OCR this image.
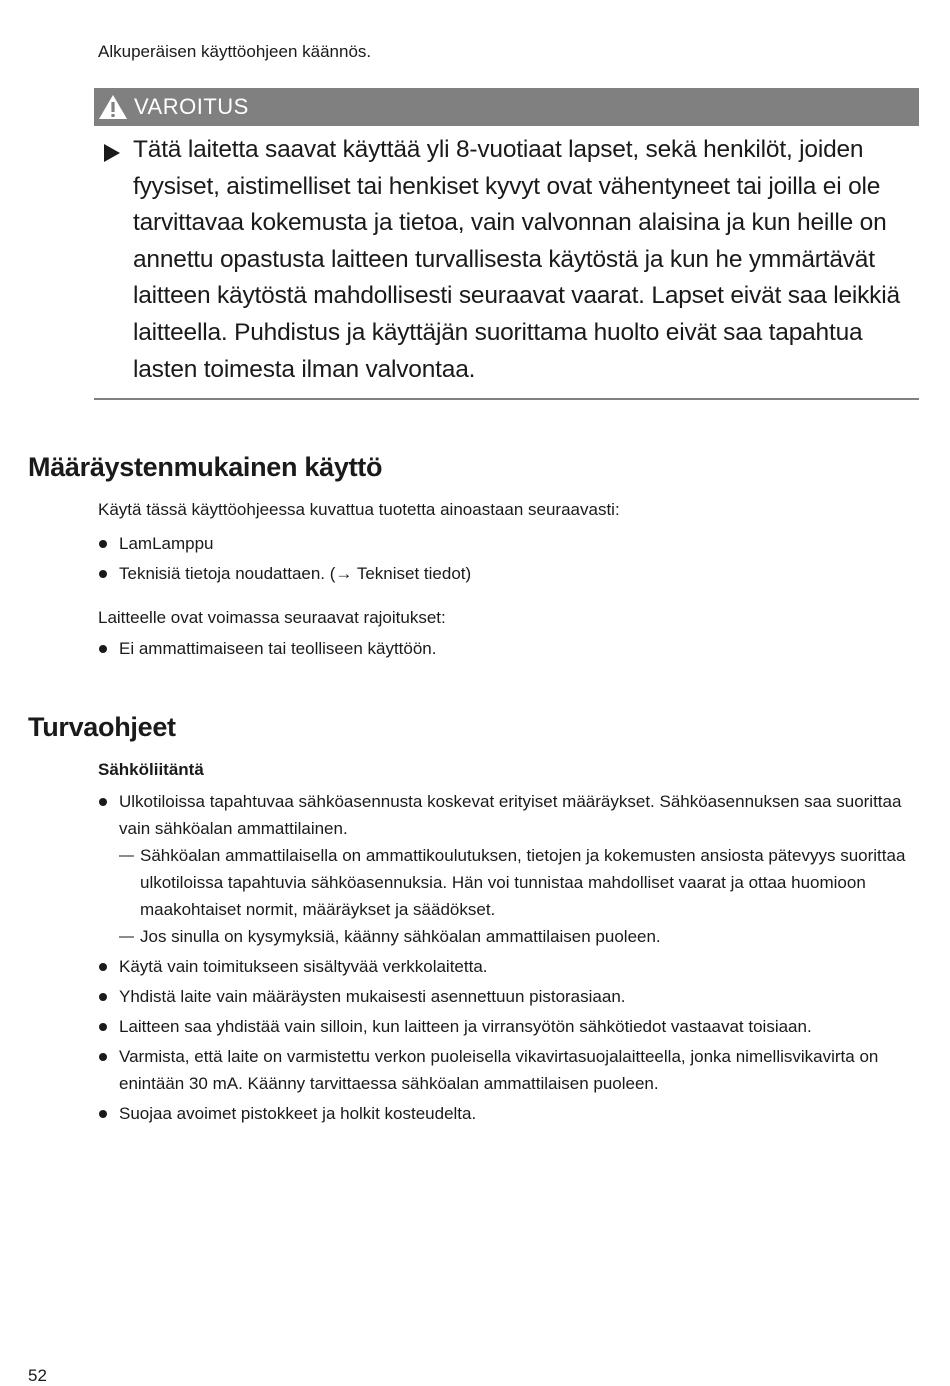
Alkuperäisen käyttöohjeen käännös.
VAROITUS
Tätä laitetta saavat käyttää yli 8-vuotiaat lapset, sekä henkilöt, joiden fyysiset, aistimelliset tai henkiset kyvyt ovat vähentyneet tai joilla ei ole tarvittavaa kokemusta ja tietoa, vain valvonnan alaisina ja kun heille on annettu opastusta laitteen turvallisesta käytöstä ja kun he ymmärtävät laitteen käytöstä mahdollisesti seuraavat vaarat. Lapset eivät saa leikkiä laitteella. Puhdistus ja käyttäjän suorittama huolto eivät saa tapahtua lasten toimesta ilman valvontaa.
Määräystenmukainen käyttö

Käytä tässä käyttöohjeessa kuvattua tuotetta ainoastaan seuraavasti:

LamLamppu
Teknisiä tietoja noudattaen. (→ Tekniset tiedot)

Laitteelle ovat voimassa seuraavat rajoitukset:

Ei ammattimaiseen tai teolliseen käyttöön.
Turvaohjeet
Sähköliitäntä
Ulkotiloissa tapahtuvaa sähköasennusta koskevat erityiset määräykset. Sähköasennuksen saa suorittaa vain sähköalan ammattilainen.
— Sähköalan ammattilaisella on ammattikoulutuksen, tietojen ja kokemusten ansiosta pätevyys suorittaa ulkotiloissa tapahtuvia sähköasennuksia. Hän voi tunnistaa mahdolliset vaarat ja ottaa huomioon maakohtaiset normit, määräykset ja säädökset.
— Jos sinulla on kysymyksiä, käänny sähköalan ammattilaisen puoleen.
Käytä vain toimitukseen sisältyvää verkkolaitetta.
Yhdistä laite vain määräysten mukaisesti asennettuun pistorasiaan.
Laitteen saa yhdistää vain silloin, kun laitteen ja virransyötön sähkötiedot vastaavat toisiaan.
Varmista, että laite on varmistettu verkon puoleisella vikavirtasuojalaitteella, jonka nimellisvikavirta on enintään 30 mA. Käänny tarvittaessa sähköalan ammattilaisen puoleen.
Suojaa avoimet pistokkeet ja holkit kosteudelta.
52
